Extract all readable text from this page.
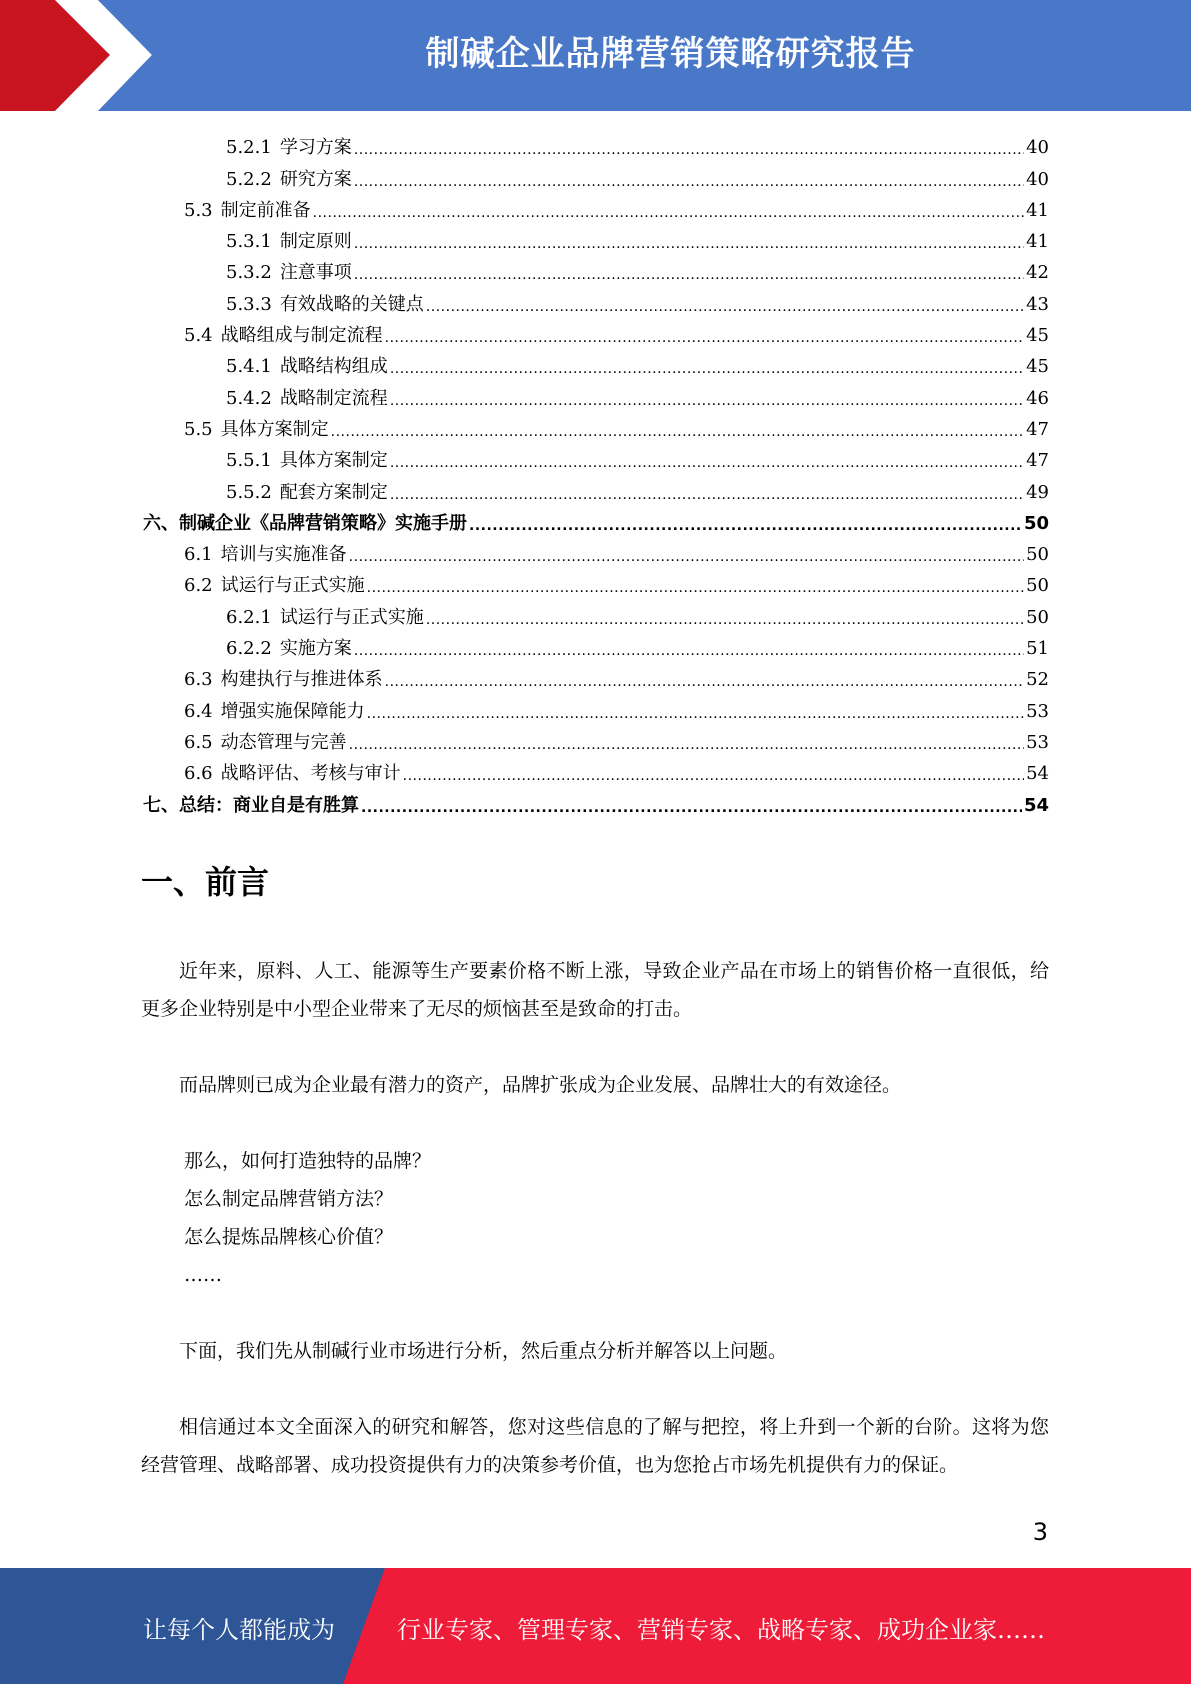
制碱企业品牌营销策略研究报告
5.2.1 学习方案 .....	40
5.2.2 研究方案 .....	40
5.3 制定前准备 .....	41
5.3.1 制定原则 .....	41
5.3.2 注意事项 .....	42
5.3.3 有效战略的关键点 .....	43
5.4 战略组成与制定流程 .....	45
5.4.1 战略结构组成 .....	45
5.4.2 战略制定流程 .....	46
5.5 具体方案制定 .....	47
5.5.1 具体方案制定 .....	47
5.5.2 配套方案制定 .....	49
六、制碱企业《品牌营销策略》实施手册 .....	50
6.1 培训与实施准备 .....	50
6.2 试运行与正式实施 .....	50
6.2.1 试运行与正式实施 .....	50
6.2.2 实施方案 .....	51
6.3 构建执行与推进体系 .....	52
6.4 增强实施保障能力 .....	53
6.5 动态管理与完善 .....	53
6.6 战略评估、考核与审计 .....	54
七、总结：商业自是有胜算 .....	54
一、前言

近年来，原料、人工、能源等生产要素价格不断上涨，导致企业产品在市场上的销售价格一直很低，给更多企业特别是中小型企业带来了无尽的烦恼甚至是致命的打击。

而品牌则已成为企业最有潜力的资产，品牌扩张成为企业发展、品牌壮大的有效途径。

那么，如何打造独特的品牌？
怎么制定品牌营销方法？
怎么提炼品牌核心价值？
……

下面，我们先从制碱行业市场进行分析，然后重点分析并解答以上问题。

相信通过本文全面深入的研究和解答，您对这些信息的了解与把控，将上升到一个新的台阶。这将为您经营管理、战略部署、成功投资提供有力的决策参考价值，也为您抢占市场先机提供有力的保证。

3
让每个人都能成为	行业专家、管理专家、营销专家、战略专家、成功企业家……
